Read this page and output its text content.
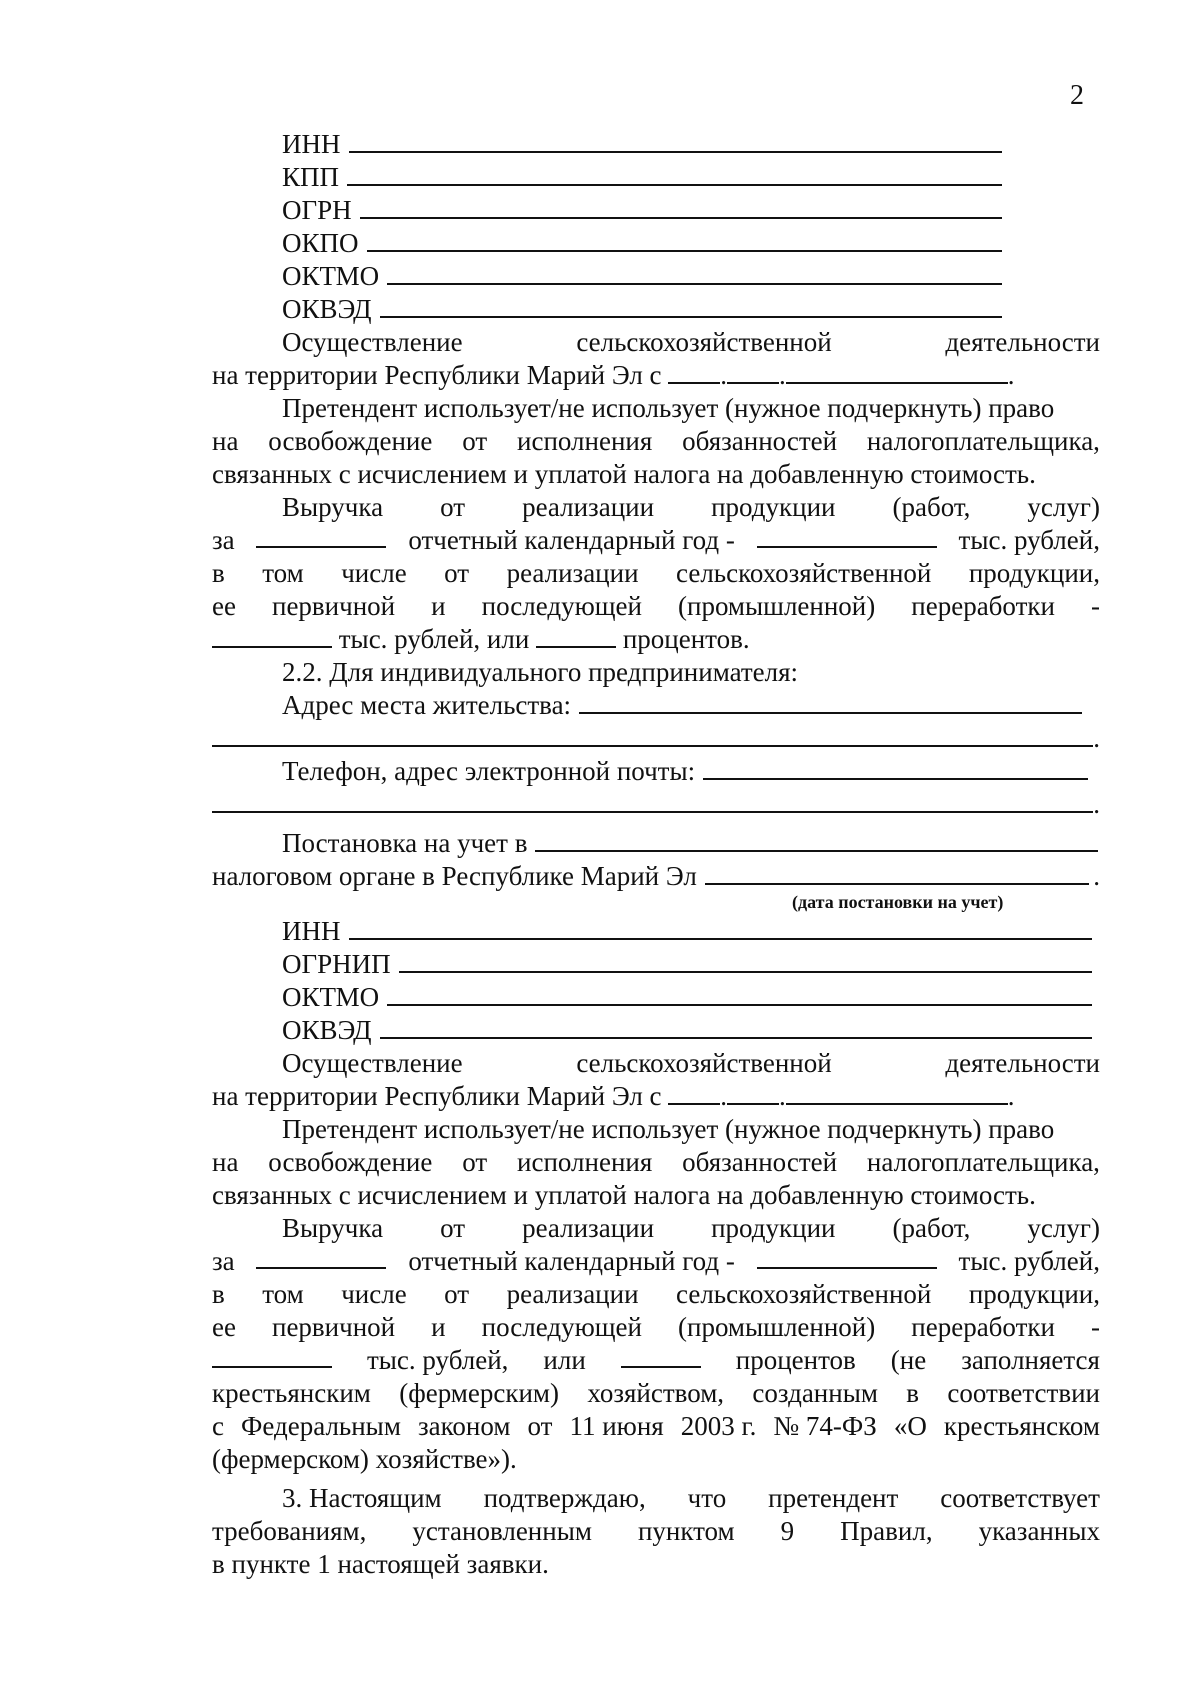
2
ИНН
КПП
ОГРН
ОКПО
ОКТМО
ОКВЭД
Осуществление	сельскохозяйственной	деятельности
на территории Республики Марий Эл с . .	.
Претендент использует/не использует (нужное подчеркнуть) право
на освобождение от исполнения обязанностей налогоплательщика,
связанных с исчислением и уплатой налога на добавленную стоимость.
Выручка от реализации продукции (работ, услуг)
за	отчетный календарный год -	тыс. рублей,
в том числе от реализации сельскохозяйственной продукции,
ее первичной и последующей (промышленной) переработки -
тыс. рублей, или	процентов.
2.2. Для индивидуального предпринимателя:
Адрес места жительства:
.
Телефон, адрес электронной почты:
.
Постановка на учет в
налоговом органе в Республике Марий Эл	.
(дата постановки на учет)
ИНН
ОГРНИП
ОКТМО
ОКВЭД
Осуществление	сельскохозяйственной	деятельности
на территории Республики Марий Эл с . .	.
Претендент использует/не использует (нужное подчеркнуть) право
на освобождение от исполнения обязанностей налогоплательщика,
связанных с исчислением и уплатой налога на добавленную стоимость.
Выручка от реализации продукции (работ, услуг)
за	отчетный календарный год -	тыс. рублей,
в том числе от реализации сельскохозяйственной продукции,
ее первичной и последующей (промышленной) переработки -
тыс. рублей, или	процентов (не заполняется
крестьянским (фермерским) хозяйством, созданным в соответствии
с Федеральным законом от 11 июня 2003 г. № 74-ФЗ «О крестьянском
(фермерском) хозяйстве»).
3. Настоящим подтверждаю, что претендент соответствует
требованиям, установленным пунктом 9 Правил, указанных
в пункте 1 настоящей заявки.
